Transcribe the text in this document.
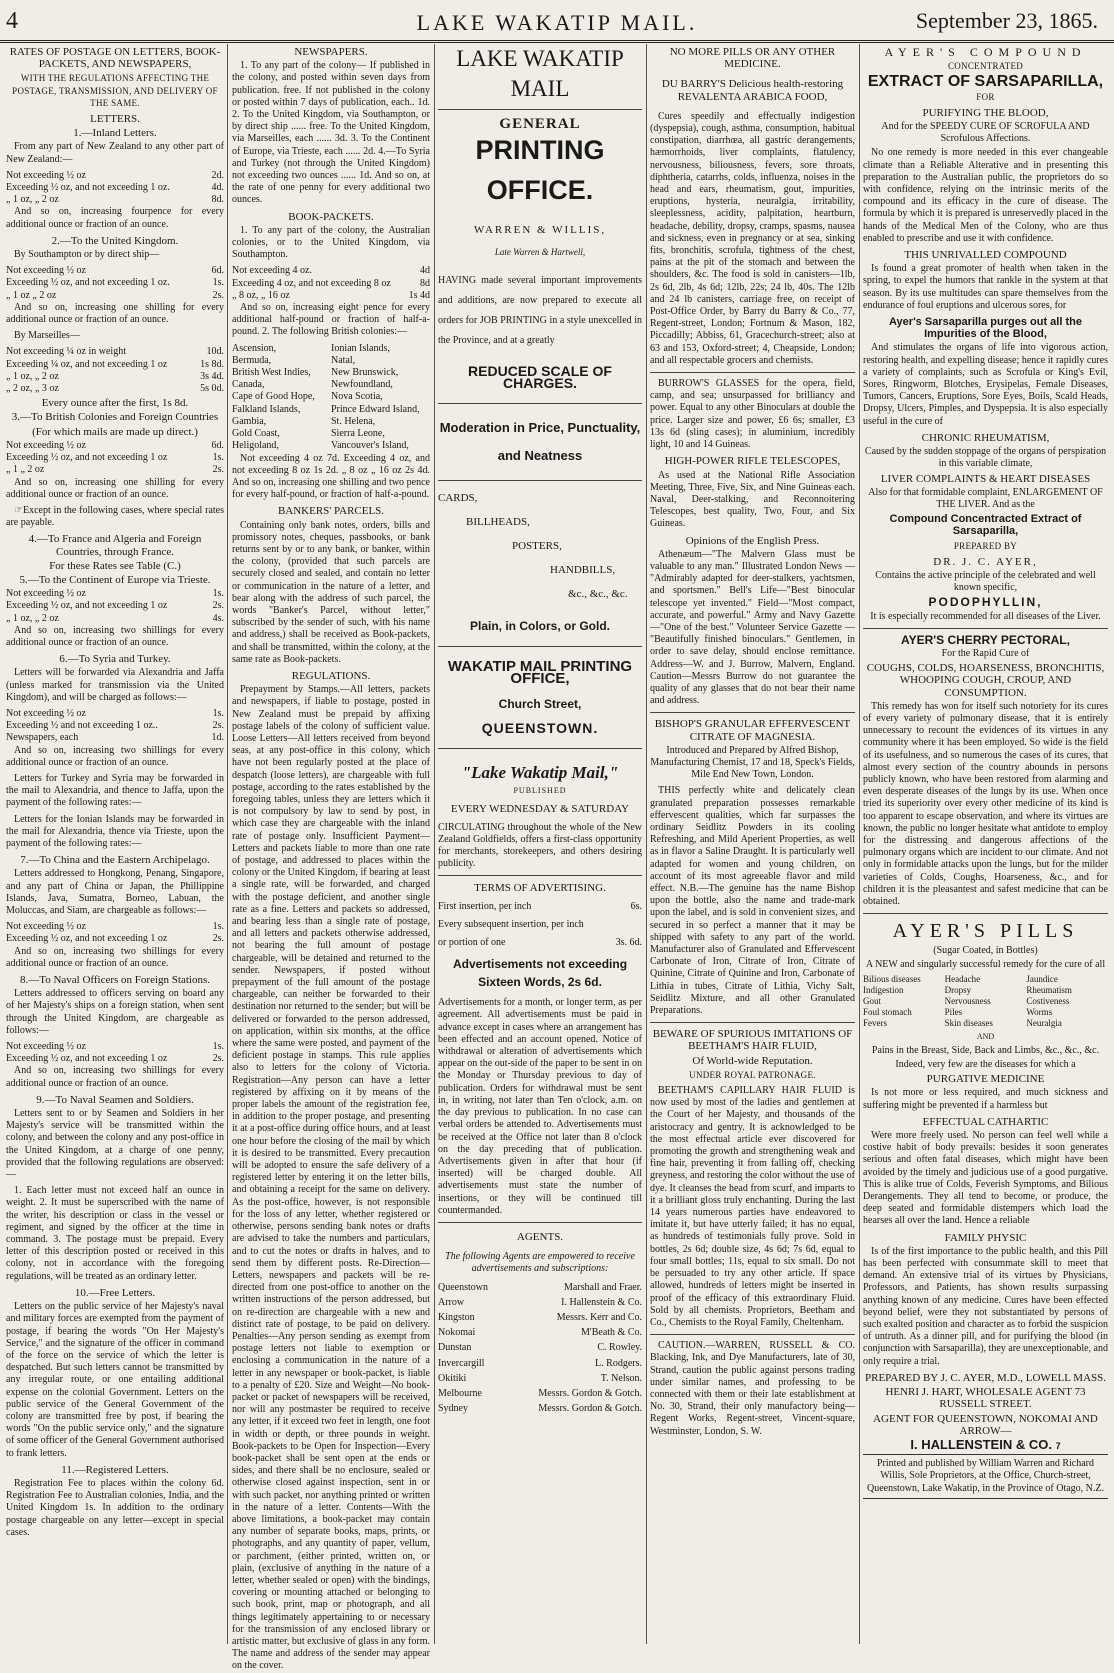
4	LAKE WAKATIP MAIL.	September 23, 1865.
RATES OF POSTAGE ON LETTERS, BOOK-PACKETS, AND NEWSPAPERS,
WITH THE REGULATIONS AFFECTING THE POSTAGE, TRANSMISSION, AND DELIVERY OF THE SAME.
LETTERS.
1.—Inland Letters.

From any part of New Zealand to any other part of New Zealand:—

Not exceeding ½ oz	2d.
Exceeding ½ oz, and not exceeding 1 oz.	4d.
„ 1 oz, „ 2 oz	8d.

And so on, increasing fourpence for every additional ounce or fraction of an ounce.

2.—To the United Kingdom.

By Southampton or by direct ship—

Not exceeding ½ oz	6d.
Exceeding ½ oz, and not exceeding 1 oz.	1s.
„ 1 oz „ 2 oz	2s.

And so on, increasing one shilling for every additional ounce or fraction of an ounce.

By Marseilles—

Not exceeding ¼ oz in weight	10d.
Exceeding ¼ oz, and not exceeding 1 oz	1s 8d.
„ 1 oz, „ 2 oz	3s 4d.
„ 2 oz, „ 3 oz	5s 0d.
Every ounce after the first, 1s 8d.
3.—To British Colonies and Foreign Countries
(For which mails are made up direct.)
Not exceeding ½ oz	6d.
Exceeding ½ oz, and not exceeding 1 oz	1s.
„ 1 „ 2 oz	2s.

And so on, increasing one shilling for every additional ounce or fraction of an ounce.

☞Except in the following cases, where special rates are payable.

4.—To France and Algeria and Foreign Countries, through France.
For these Rates see Table (C.)
5.—To the Continent of Europe via Trieste.
Not exceeding ½ oz	1s.
Exceeding ½ oz, and not exceeding 1 oz	2s.
„ 1 oz, „ 2 oz	4s.

And so on, increasing two shillings for every additional ounce or fraction of an ounce.

6.—To Syria and Turkey.

Letters will be forwarded via Alexandria and Jaffa (unless marked for transmission via the United Kingdom), and will be charged as follows:—

Not exceeding ½ oz	1s.
Exceeding ½ and not exceeding 1 oz..	2s.
Newspapers, each	1d.

And so on, increasing two shillings for every additional ounce or fraction of an ounce.

Letters for Turkey and Syria may be forwarded in the mail to Alexandria, and thence to Jaffa, upon the payment of the following rates:—

Letters for the Ionian Islands may be forwarded in the mail for Alexandria, thence via Trieste, upon the payment of the following rates:—

7.—To China and the Eastern Archipelago.

Letters addressed to Hongkong, Penang, Singapore, and any part of China or Japan, the Phillippine Islands, Java, Sumatra, Borneo, Labuan, the Moluccas, and Siam, are chargeable as follows:—

Not exceeding ½ oz	1s.
Exceeding ½ oz, and not exceeding 1 oz	2s.

And so on, increasing two shillings for every additional ounce or fraction of an ounce.

8.—To Naval Officers on Foreign Stations.

Letters addressed to officers serving on board any of her Majesty's ships on a foreign station, when sent through the United Kingdom, are chargeable as follows:—

Not exceeding ½ oz	1s.
Exceeding ½ oz, and not exceeding 1 oz	2s.

And so on, increasing two shillings for every additional ounce or fraction of an ounce.

9.—To Naval Seamen and Soldiers.

Letters sent to or by Seamen and Soldiers in her Majesty's service will be transmitted within the colony, and between the colony and any post-office in the United Kingdom, at a charge of one penny, provided that the following regulations are observed:—

1. Each letter must not exceed half an ounce in weight. 2. It must be superscribed with the name of the writer, his description or class in the vessel or regiment, and signed by the officer at the time in command. 3. The postage must be prepaid. Every letter of this description posted or received in this colony, not in accordance with the foregoing regulations, will be treated as an ordinary letter.

10.—Free Letters.

Letters on the public service of her Majesty's naval and military forces are exempted from the payment of postage, if bearing the words "On Her Majesty's Service," and the signature of the officer in command of the force on the service of which the letter is despatched. But such letters cannot be transmitted by any irregular route, or one entailing additional expense on the colonial Government. Letters on the public service of the General Government of the colony are transmitted free by post, if bearing the words "On the public service only," and the signature of some officer of the General Government authorised to frank letters.

11.—Registered Letters.

Registration Fee to places within the colony 6d. Registration Fee to Australian colonies, India, and the United Kingdom 1s. In addition to the ordinary postage chargeable on any letter—except in special cases.

NEWSPAPERS.

1. To any part of the colony— If published in the colony, and posted within seven days from publication. free. If not published in the colony or posted within 7 days of publication, each.. 1d. 2. To the United Kingdom, via Southampton, or by direct ship ...... free. To the United Kingdom, via Marseilles, each ...... 3d. 3. To the Continent of Europe, via Trieste, each ...... 2d. 4.—To Syria and Turkey (not through the United Kingdom) not exceeding two ounces ...... 1d. And so on, at the rate of one penny for every additional two ounces.

BOOK-PACKETS.

1. To any part of the colony, the Australian colonies, or to the United Kingdom, via Southampton.

Not exceeding 4 oz.	4d
Exceeding 4 oz, and not exceeding 8 oz	8d
„ 8 oz, „ 16 oz	1s 4d

And so on, increasing eight pence for every additional half-pound or fraction of half-a-pound. 2. The following British colonies:—

Ascension,
Bermuda,
British West Indies,
Canada,
Cape of Good Hope,
Falkland Islands,
Gambia,
Gold Coast,
Heligoland,
Ionian Islands,
Natal,
New Brunswick,
Newfoundland,
Nova Scotia,
Prince Edward Island,
St. Helena,
Sierra Leone,
Vancouver's Island,

Not exceeding 4 oz 7d. Exceeding 4 oz, and not exceeding 8 oz 1s 2d. „ 8 oz „ 16 oz 2s 4d. And so on, increasing one shilling and two pence for every half-pound, or fraction of half-a-pound.

BANKERS' PARCELS.

Containing only bank notes, orders, bills and promissory notes, cheques, passbooks, or bank returns sent by or to any bank, or banker, within the colony, (provided that such parcels are securely closed and sealed, and contain no letter or communication in the nature of a letter, and bear along with the address of such parcel, the words "Banker's Parcel, without letter," subscribed by the sender of such, with his name and address,) shall be received as Book-packets, and shall be transmitted, within the colony, at the same rate as Book-packets.

REGULATIONS.

Prepayment by Stamps.—All letters, packets and newspapers, if liable to postage, posted in New Zealand must be prepaid by affixing postage labels of the colony of sufficient value. Loose Letters—All letters received from beyond seas, at any post-office in this colony, which have not been regularly posted at the place of despatch (loose letters), are chargeable with full postage, according to the rates established by the foregoing tables, unless they are letters which it is not compulsory by law to send by post, in which case they are chargeable with the inland rate of postage only. Insufficient Payment—Letters and packets liable to more than one rate of postage, and addressed to places within the colony or the United Kingdom, if bearing at least a single rate, will be forwarded, and charged with the postage deficient, and another single rate as a fine. Letters and packets so addressed, and bearing less than a single rate of postage, and all letters and packets otherwise addressed, not bearing the full amount of postage chargeable, will be detained and returned to the sender. Newspapers, if posted without prepayment of the full amount of the postage chargeable, can neither be forwarded to their destination nor returned to the sender; but will be delivered or forwarded to the person addressed, on application, within six months, at the office where the same were posted, and payment of the deficient postage in stamps. This rule applies also to letters for the colony of Victoria. Registration—Any person can have a letter registered by affixing on it by means of the proper labels the amount of the registration fee, in addition to the proper postage, and presenting it at a post-office during office hours, and at least one hour before the closing of the mail by which it is desired to be transmitted. Every precaution will be adopted to ensure the safe delivery of a registered letter by entering it on the letter bills, and obtaining a receipt for the same on delivery. As the post-office, however, is not responsible for the loss of any letter, whether registered or otherwise, persons sending bank notes or drafts are advised to take the numbers and particulars, and to cut the notes or drafts in halves, and to send them by different posts. Re-Direction—Letters, newspapers and packets will be re-directed from one post-office to another on the written instructions of the person addressed, but on re-direction are chargeable with a new and distinct rate of postage, to be paid on delivery. Penalties—Any person sending as exempt from postage letters not liable to exemption or enclosing a communication in the nature of a letter in any newspaper or book-packet, is liable to a penalty of £20. Size and Weight—No book-packet or packet of newspapers will be received, nor will any postmaster be required to receive any letter, if it exceed two feet in length, one foot in width or depth, or three pounds in weight. Book-packets to be Open for Inspection—Every book-packet shall be sent open at the ends or sides, and there shall be no enclosure, sealed or otherwise closed against inspection, sent in or with such packet, nor anything printed or written in the nature of a letter. Contents—With the above limitations, a book-packet may contain any number of separate books, maps, prints, or photographs, and any quantity of paper, vellum, or parchment, (either printed, written on, or plain, (exclusive of anything in the nature of a letter, whether sealed or open) with the bindings, covering or mounting attached or belonging to such book, print, map or photograph, and all things legitimately appertaining to or necessary for the transmission of any enclosed library or artistic matter, but exclusive of glass in any form. The name and address of the sender may appear on the cover.

LAKE WAKATIP MAIL
GENERAL
PRINTING OFFICE.
WARREN & WILLIS,
Late Warren & Hartwell,

HAVING made several important improvements and additions, are now prepared to execute all orders for JOB PRINTING in a style unexcelled in the Province, and at a greatly

REDUCED SCALE OF CHARGES.
Moderation in Price, Punctuality, and Neatness
CARDS,
BILLHEADS,
POSTERS,
HANDBILLS,
&c., &c., &c.
Plain, in Colors, or Gold.
WAKATIP MAIL PRINTING OFFICE,
Church Street,
QUEENSTOWN.
"Lake Wakatip Mail,"
PUBLISHED
EVERY WEDNESDAY & SATURDAY

CIRCULATING throughout the whole of the New Zealand Goldfields, offers a first-class opportunity for merchants, storekeepers, and others desiring publicity.

TERMS OF ADVERTISING.
First insertion, per inch	6s.
Every subsequent insertion, per inch
or portion of one	3s. 6d.
Advertisements not exceeding Sixteen Words, 2s 6d.

Advertisements for a month, or longer term, as per agreement. All advertisements must be paid in advance except in cases where an arrangement has been effected and an account opened. Notice of withdrawal or alteration of advertisements which appear on the out-side of the paper to be sent in on the Monday or Thursday previous to day of publication. Orders for withdrawal must be sent in, in writing, not later than Ten o'clock, a.m. on the day previous to publication. In no case can verbal orders be attended to. Advertisements must be received at the Office not later than 8 o'clock on the day preceding that of publication. Advertisements given in after that hour (if inserted) will be charged double. All advertisements must state the number of insertions, or they will be continued till countermanded.

AGENTS.
The following Agents are empowered to receive advertisements and subscriptions:
Queenstown	Marshall and Fraer.
Arrow	I. Hallenstein & Co.
Kingston	Messrs. Kerr and Co.
Nokomai	M'Beath & Co.
Dunstan	C. Rowley.
Invercargill	L. Rodgers.
Okitiki	T. Nelson.
Melbourne	Messrs. Gordon & Gotch.
Sydney	Messrs. Gordon & Gotch.
NO MORE PILLS OR ANY OTHER MEDICINE.
DU BARRY'S Delicious health-restoring REVALENTA ARABICA FOOD,

Cures speedily and effectually indigestion (dyspepsia), cough, asthma, consumption, habitual constipation, diarrhœa, all gastric derangements, hæmorrhoids, liver complaints, flatulency, nervousness, biliousness, fevers, sore throats, diphtheria, catarrhs, colds, influenza, noises in the head and ears, rheumatism, gout, impurities, eruptions, hysteria, neuralgia, irritability, sleeplessness, acidity, palpitation, heartburn, headache, debility, dropsy, cramps, spasms, nausea and sickness, even in pregnancy or at sea, sinking fits, bronchitis, scrofula, tightness of the chest, pains at the pit of the stomach and between the shoulders, &c. The food is sold in canisters—1lb, 2s 6d, 2lb, 4s 6d; 12lb, 22s; 24 lb, 40s. The 12lb and 24 lb canisters, carriage free, on receipt of Post-Office Order, by Barry du Barry & Co., 77, Regent-street, London; Fortnum & Mason, 182, Piccadilly; Abbiss, 61, Gracechurch-street; also at 63 and 153, Oxford-street; 4, Cheapside, London; and all respectable grocers and chemists.

BURROW'S GLASSES for the opera, field, camp, and sea; unsurpassed for brilliancy and power. Equal to any other Binoculars at double the price. Larger size and power, £6 6s; smaller, £3 13s 6d (sling cases); in aluminium, incredibly light, 10 and 14 Guineas.

HIGH-POWER RIFLE TELESCOPES,

As used at the National Rifle Association Meeting, Three, Five, Six, and Nine Guineas each. Naval, Deer-stalking, and Reconnoitering Telescopes, best quality, Two, Four, and Six Guineas.

Opinions of the English Press.

Athenæum—"The Malvern Glass must be valuable to any man." Illustrated London News — "Admirably adapted for deer-stalkers, yachtsmen, and sportsmen." Bell's Life—"Best binocular telescope yet invented." Field—"Most compact, accurate, and powerful." Army and Navy Gazette—"One of the best." Volunteer Service Gazette — "Beautifully finished binoculars." Gentlemen, in order to save delay, should enclose remittance. Address—W. and J. Burrow, Malvern, England. Caution—Messrs Burrow do not guarantee the quality of any glasses that do not bear their name and address.

BISHOP'S GRANULAR EFFERVESCENT CITRATE OF MAGNESIA.

Introduced and Prepared by Alfred Bishop, Manufacturing Chemist, 17 and 18, Speck's Fields, Mile End New Town, London.

THIS perfectly white and delicately clean granulated preparation possesses remarkable effervescent qualities, which far surpasses the ordinary Seidlitz Powders in its cooling Refreshing, and Mild Aperient Properties, as well as in flavor a Saline Draught. It is particularly well adapted for women and young children, on account of its most agreeable flavor and mild effect. N.B.—The genuine has the name Bishop upon the bottle, also the name and trade-mark upon the label, and is sold in convenient sizes, and secured in so perfect a manner that it may be shipped with safety to any part of the world. Manufacturer also of Granulated and Effervescent Carbonate of Iron, Citrate of Iron, Citrate of Quinine, Citrate of Quinine and Iron, Carbonate of Lithia in tubes, Citrate of Lithia, Vichy Salt, Seidlitz Mixture, and all other Granulated Preparations.

BEWARE OF SPURIOUS IMITATIONS OF BEETHAM'S HAIR FLUID,
Of World-wide Reputation.
UNDER ROYAL PATRONAGE.

BEETHAM'S CAPILLARY HAIR FLUID is now used by most of the ladies and gentlemen at the Court of her Majesty, and thousands of the aristocracy and gentry. It is acknowledged to be the most effectual article ever discovered for promoting the growth and strengthening weak and fine hair, preventing it from falling off, checking greyness, and restoring the color without the use of dye. It cleanses the head from scurf, and imparts to it a brilliant gloss truly enchanting. During the last 14 years numerous parties have endeavored to imitate it, but have utterly failed; it has no equal, as hundreds of testimonials fully prove. Sold in bottles, 2s 6d; double size, 4s 6d; 7s 6d, equal to four small bottles; 11s, equal to six small. Do not be persuaded to try any other article. If space allowed, hundreds of letters might be inserted in proof of the efficacy of this extraordinary Fluid. Sold by all chemists. Proprietors, Beetham and Co., Chemists to the Royal Family, Cheltenham.

CAUTION.—WARREN, RUSSELL & CO. Blacking, Ink, and Dye Manufacturers, late of 30, Strand, caution the public against persons trading under similar names, and professing to be connected with them or their late establishment at No. 30, Strand, their only manufactory being— Regent Works, Regent-street, Vincent-square, Westminster, London, S. W.

AYER'S COMPOUND
CONCENTRATED
EXTRACT OF SARSAPARILLA,
FOR
PURIFYING THE BLOOD,
And for the SPEEDY CURE OF SCROFULA AND Scrofulous Affections.

No one remedy is more needed in this ever changeable climate than a Reliable Alterative and in presenting this preparation to the Australian public, the proprietors do so with confidence, relying on the intrinsic merits of the compound and its efficacy in the cure of disease. The formula by which it is prepared is unreservedly placed in the hands of the Medical Men of the Colony, who are thus enabled to prescribe and use it with confidence.

THIS UNRIVALLED COMPOUND

Is found a great promoter of health when taken in the spring, to expel the humors that rankle in the system at that season. By its use multitudes can spare themselves from the endurance of foul eruptions and ulcerous sores, for

Ayer's Sarsaparilla purges out all the Impurities of the Blood,

And stimulates the organs of life into vigorous action, restoring health, and expelling disease; hence it rapidly cures a variety of complaints, such as Scrofula or King's Evil, Sores, Ringworm, Blotches, Erysipelas, Female Diseases, Tumors, Cancers, Eruptions, Sore Eyes, Boils, Scald Heads, Dropsy, Ulcers, Pimples, and Dyspepsia. It is also especially useful in the cure of

CHRONIC RHEUMATISM,
Caused by the sudden stoppage of the organs of perspiration in this variable climate,
LIVER COMPLAINTS & HEART DISEASES
Also for that formidable complaint, ENLARGEMENT OF THE LIVER. And as the
Compound Concentracted Extract of Sarsaparilla,
PREPARED BY
DR. J. C. AYER,
Contains the active principle of the celebrated and well known specific,
PODOPHYLLIN,
It is especially recommended for all diseases of the Liver.
AYER'S CHERRY PECTORAL,
For the Rapid Cure of
COUGHS, COLDS, HOARSENESS, BRONCHITIS, WHOOPING COUGH, CROUP, AND CONSUMPTION.

This remedy has won for itself such notoriety for its cures of every variety of pulmonary disease, that it is entirely unnecessary to recount the evidences of its virtues in any community where it has been employed. So wide is the field of its usefulness, and so numerous the cases of its cures, that almost every section of the country abounds in persons publicly known, who have been restored from alarming and even desperate diseases of the lungs by its use. When once tried its superiority over every other medicine of its kind is too apparent to escape observation, and where its virtues are known, the public no longer hesitate what antidote to employ for the distressing and dangerous affections of the pulmonary organs which are incident to our climate. And not only in formidable attacks upon the lungs, but for the milder varieties of Colds, Coughs, Hoarseness, &c., and for children it is the pleasantest and safest medicine that can be obtained.

AYER'S PILLS
(Sugar Coated, in Bottles)
A NEW and singularly successful remedy for the cure of all
Bilious diseases	Headache	Jaundice
Indigestion	Dropsy	Rheumatism
Gout	Nervousness	Costiveness
Foul stomach	Piles	Worms
Fevers	Skin diseases	Neuralgia
AND
Pains in the Breast, Side, Back and Limbs, &c., &c., &c.
Indeed, very few are the diseases for which a
PURGATIVE MEDICINE

Is not more or less required, and much sickness and suffering might be prevented if a harmless but

EFFECTUAL CATHARTIC

Were more freely used. No person can feel well while a costive habit of body prevails: besides it soon generates serious and often fatal diseases, which might have been avoided by the timely and judicious use of a good purgative. This is alike true of Colds, Feverish Symptoms, and Bilious Derangements. They all tend to become, or produce, the deep seated and formidable distempers which load the hearses all over the land. Hence a reliable

FAMILY PHYSIC

Is of the first importance to the public health, and this Pill has been perfected with consummate skill to meet that demand. An extensive trial of its virtues by Physicians, Professors, and Patients, has shown results surpassing anything known of any medicine. Cures have been effected beyond belief, were they not substantiated by persons of such exalted position and character as to forbid the suspicion of untruth. As a dinner pill, and for purifying the blood (in conjunction with Sarsaparilla), they are unexceptionable, and only require a trial.

PREPARED BY J. C. AYER, M.D., LOWELL MASS.
HENRI J. HART, WHOLESALE AGENT 73 RUSSELL STREET.
AGENT FOR QUEENSTOWN, NOKOMAI AND ARROW—
I. HALLENSTEIN & CO. 7
Printed and published by William Warren and Richard Willis, Sole Proprietors, at the Office, Church-street, Queenstown, Lake Wakatip, in the Province of Otago, N.Z.
